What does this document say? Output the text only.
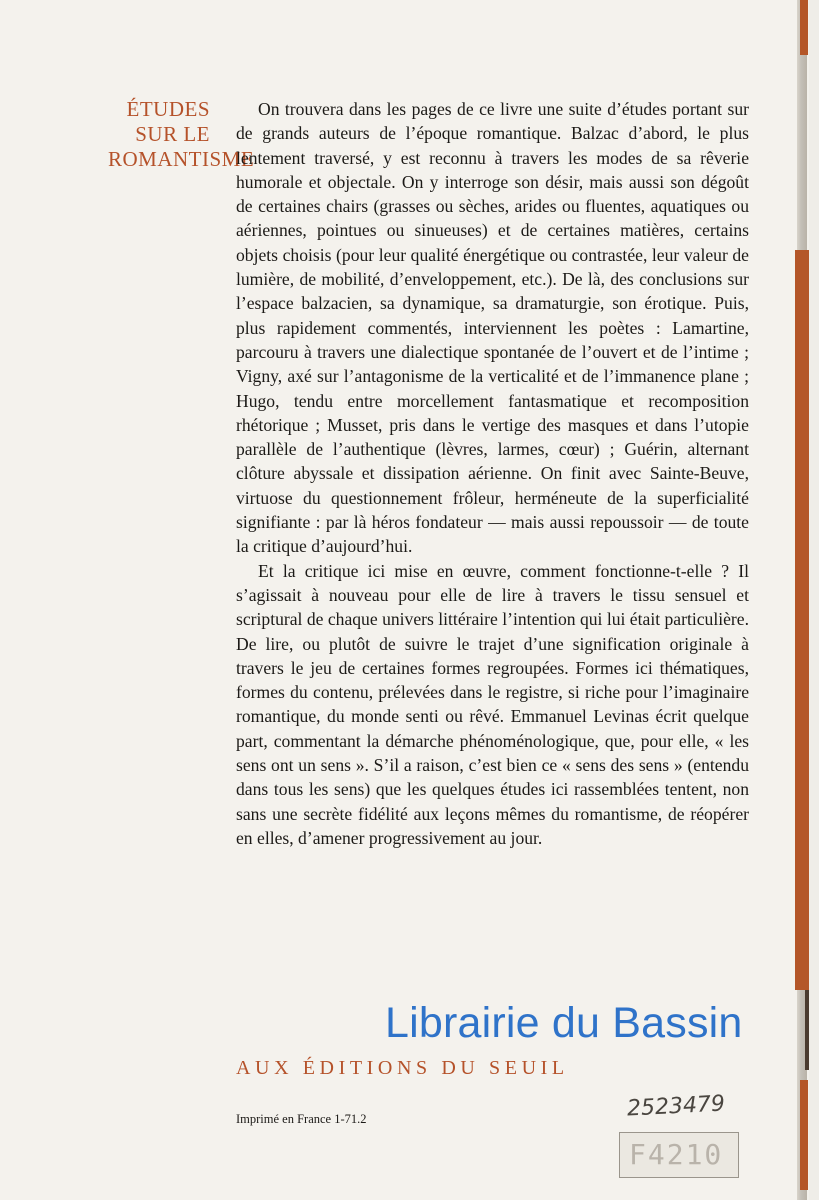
ÉTUDES
SUR LE
ROMANTISME

On trouvera dans les pages de ce livre une suite d’études portant sur de grands auteurs de l’époque romantique. Balzac d’abord, le plus lentement traversé, y est reconnu à travers les modes de sa rêverie humorale et objectale. On y interroge son désir, mais aussi son dégoût de certaines chairs (grasses ou sèches, arides ou fluentes, aquatiques ou aériennes, pointues ou sinueuses) et de certaines matières, certains objets choisis (pour leur qualité énergétique ou contrastée, leur valeur de lumière, de mobilité, d’enveloppement, etc.). De là, des conclusions sur l’espace balzacien, sa dynamique, sa dramaturgie, son érotique. Puis, plus rapidement commentés, interviennent les poètes : Lamartine, parcouru à travers une dialectique spontanée de l’ouvert et de l’intime ; Vigny, axé sur l’antagonisme de la verticalité et de l’immanence plane ; Hugo, tendu entre morcellement fantasmatique et recomposition rhétorique ; Musset, pris dans le vertige des masques et dans l’utopie parallèle de l’authentique (lèvres, larmes, cœur) ; Guérin, alternant clôture abyssale et dissipation aérienne. On finit avec Sainte-Beuve, virtuose du questionnement frôleur, herméneute de la superficialité signifiante : par là héros fondateur — mais aussi repoussoir — de toute la critique d’aujourd’hui.

Et la critique ici mise en œuvre, comment fonctionne-t-elle ? Il s’agissait à nouveau pour elle de lire à travers le tissu sensuel et scriptural de chaque univers littéraire l’intention qui lui était particulière. De lire, ou plutôt de suivre le trajet d’une signification originale à travers le jeu de certaines formes regroupées. Formes ici thématiques, formes du contenu, prélevées dans le registre, si riche pour l’imaginaire romantique, du monde senti ou rêvé. Emmanuel Levinas écrit quelque part, commentant la démarche phénoménologique, que, pour elle, « les sens ont un sens ». S’il a raison, c’est bien ce « sens des sens » (entendu dans tous les sens) que les quelques études ici rassemblées tentent, non sans une secrète fidélité aux leçons mêmes du romantisme, de réopérer en elles, d’amener progressivement au jour.

Librairie du Bassin
AUX ÉDITIONS DU SEUIL
Imprimé en France 1-71.2	2523479
F4210
